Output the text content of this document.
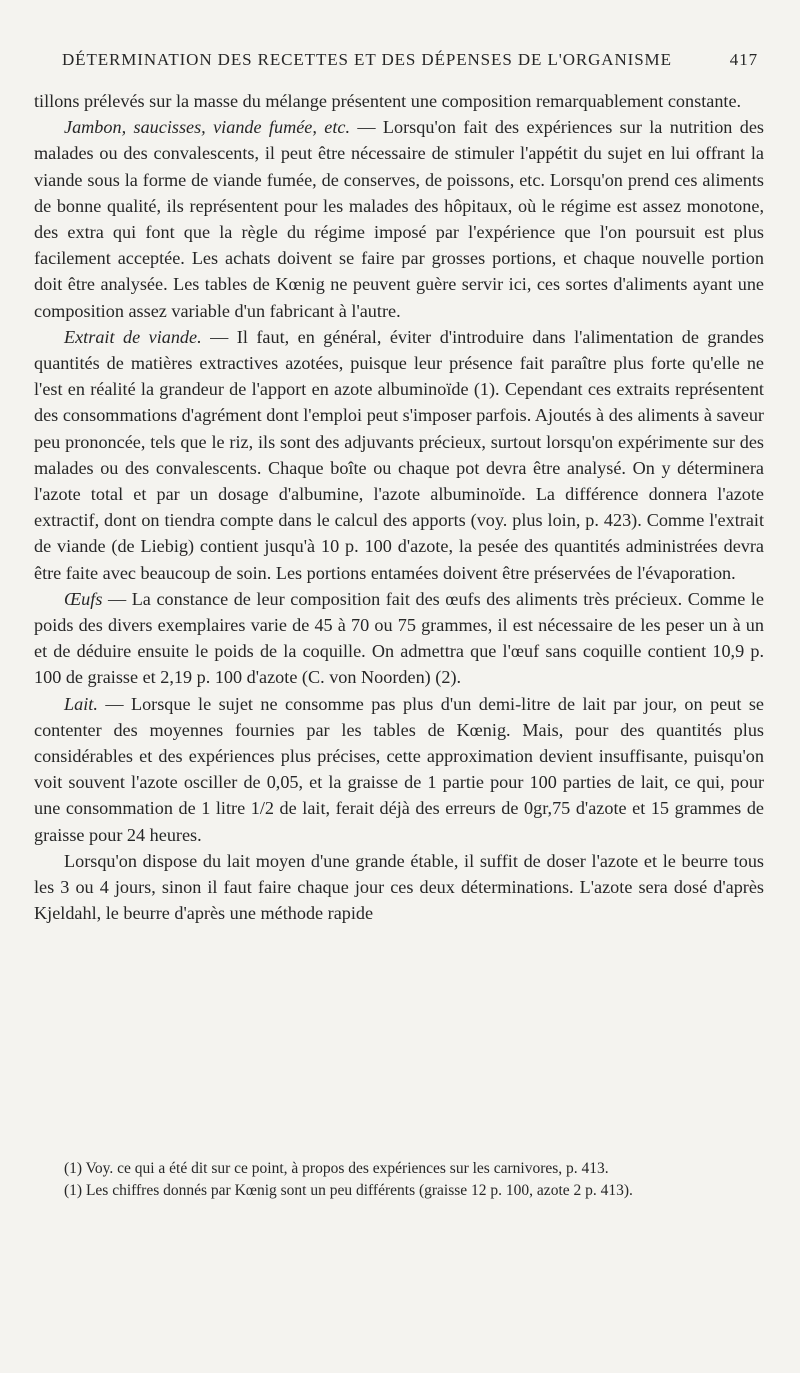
DÉTERMINATION DES RECETTES ET DES DÉPENSES DE L'ORGANISME	417

tillons prélevés sur la masse du mélange présentent une composition remarquablement constante.

Jambon, saucisses, viande fumée, etc. — Lorsqu'on fait des expériences sur la nutrition des malades ou des convalescents, il peut être nécessaire de stimuler l'appétit du sujet en lui offrant la viande sous la forme de viande fumée, de conserves, de poissons, etc. Lorsqu'on prend ces aliments de bonne qualité, ils représentent pour les malades des hôpitaux, où le régime est assez monotone, des extra qui font que la règle du régime imposé par l'expérience que l'on poursuit est plus facilement acceptée. Les achats doivent se faire par grosses portions, et chaque nouvelle portion doit être analysée. Les tables de Kœnig ne peuvent guère servir ici, ces sortes d'aliments ayant une composition assez variable d'un fabricant à l'autre.

Extrait de viande. — Il faut, en général, éviter d'introduire dans l'alimentation de grandes quantités de matières extractives azotées, puisque leur présence fait paraître plus forte qu'elle ne l'est en réalité la grandeur de l'apport en azote albuminoïde (1). Cependant ces extraits représentent des consommations d'agrément dont l'emploi peut s'imposer parfois. Ajoutés à des aliments à saveur peu prononcée, tels que le riz, ils sont des adjuvants précieux, surtout lorsqu'on expérimente sur des malades ou des convalescents. Chaque boîte ou chaque pot devra être analysé. On y déterminera l'azote total et par un dosage d'albumine, l'azote albuminoïde. La différence donnera l'azote extractif, dont on tiendra compte dans le calcul des apports (voy. plus loin, p. 423). Comme l'extrait de viande (de Liebig) contient jusqu'à 10 p. 100 d'azote, la pesée des quantités administrées devra être faite avec beaucoup de soin. Les portions entamées doivent être préservées de l'évaporation.

Œufs — La constance de leur composition fait des œufs des aliments très précieux. Comme le poids des divers exemplaires varie de 45 à 70 ou 75 grammes, il est nécessaire de les peser un à un et de déduire ensuite le poids de la coquille. On admettra que l'œuf sans coquille contient 10,9 p. 100 de graisse et 2,19 p. 100 d'azote (C. von Noorden) (2).

Lait. — Lorsque le sujet ne consomme pas plus d'un demi-litre de lait par jour, on peut se contenter des moyennes fournies par les tables de Kœnig. Mais, pour des quantités plus considérables et des expériences plus précises, cette approximation devient insuffisante, puisqu'on voit souvent l'azote osciller de 0,05, et la graisse de 1 partie pour 100 parties de lait, ce qui, pour une consommation de 1 litre 1/2 de lait, ferait déjà des erreurs de 0gr,75 d'azote et 15 grammes de graisse pour 24 heures.

Lorsqu'on dispose du lait moyen d'une grande étable, il suffit de doser l'azote et le beurre tous les 3 ou 4 jours, sinon il faut faire chaque jour ces deux déterminations. L'azote sera dosé d'après Kjeldahl, le beurre d'après une méthode rapide

(1) Voy. ce qui a été dit sur ce point, à propos des expériences sur les carnivores, p. 413.

(1) Les chiffres donnés par Kœnig sont un peu différents (graisse 12 p. 100, azote 2 p. 413).
